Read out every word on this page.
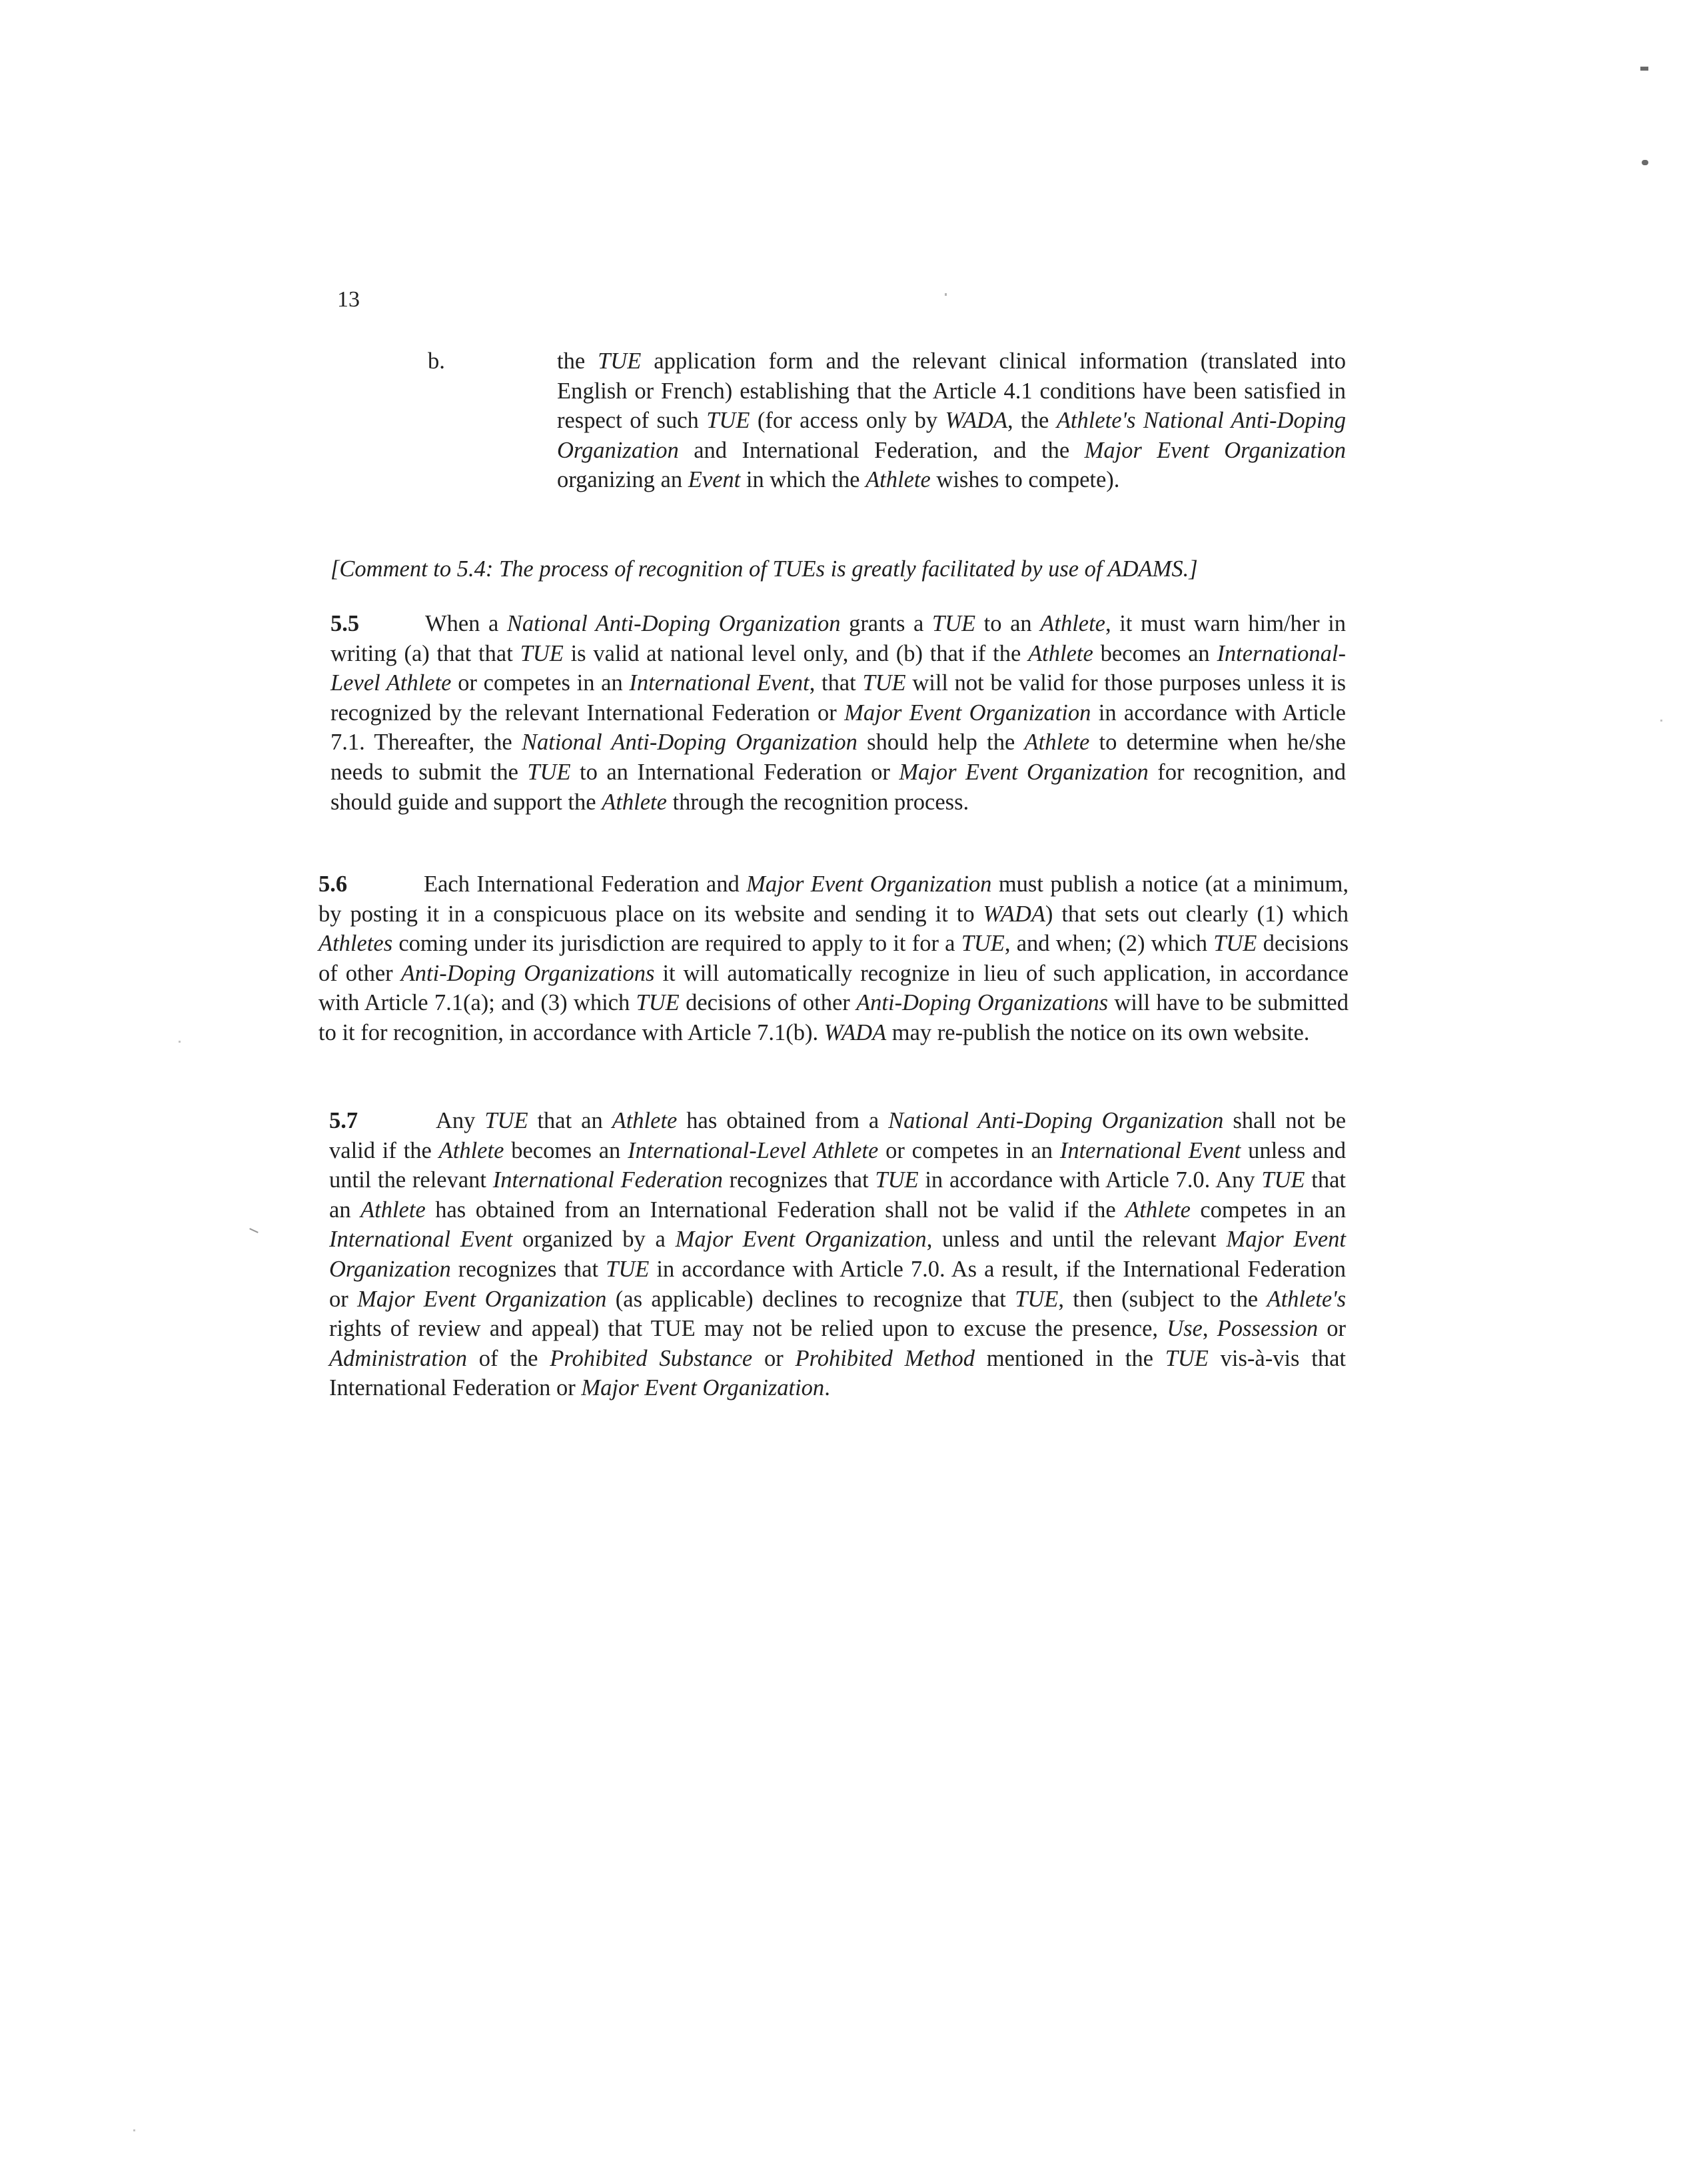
13
b.	the TUE application form and the relevant clinical information (translated into English or French) establishing that the Article 4.1 conditions have been satisfied in respect of such TUE (for access only by WADA, the Athlete's National Anti-Doping Organization and International Federation, and the Major Event Organization organizing an Event in which the Athlete wishes to compete).
[Comment to 5.4: The process of recognition of TUEs is greatly facilitated by use of ADAMS.]
5.5	When a National Anti-Doping Organization grants a TUE to an Athlete, it must warn him/her in writing (a) that that TUE is valid at national level only, and (b) that if the Athlete becomes an International-Level Athlete or competes in an International Event, that TUE will not be valid for those purposes unless it is recognized by the relevant International Federation or Major Event Organization in accordance with Article 7.1. Thereafter, the National Anti-Doping Organization should help the Athlete to determine when he/she needs to submit the TUE to an International Federation or Major Event Organization for recognition, and should guide and support the Athlete through the recognition process.
5.6	Each International Federation and Major Event Organization must publish a notice (at a minimum, by posting it in a conspicuous place on its website and sending it to WADA) that sets out clearly (1) which Athletes coming under its jurisdiction are required to apply to it for a TUE, and when; (2) which TUE decisions of other Anti-Doping Organizations it will automatically recognize in lieu of such application, in accordance with Article 7.1(a); and (3) which TUE decisions of other Anti-Doping Organizations will have to be submitted to it for recognition, in accordance with Article 7.1(b). WADA may re-publish the notice on its own website.
5.7	Any TUE that an Athlete has obtained from a National Anti-Doping Organization shall not be valid if the Athlete becomes an International-Level Athlete or competes in an International Event unless and until the relevant International Federation recognizes that TUE in accordance with Article 7.0. Any TUE that an Athlete has obtained from an International Federation shall not be valid if the Athlete competes in an International Event organized by a Major Event Organization, unless and until the relevant Major Event Organization recognizes that TUE in accordance with Article 7.0. As a result, if the International Federation or Major Event Organization (as applicable) declines to recognize that TUE, then (subject to the Athlete's rights of review and appeal) that TUE may not be relied upon to excuse the presence, Use, Possession or Administration of the Prohibited Substance or Prohibited Method mentioned in the TUE vis-à-vis that International Federation or Major Event Organization.
